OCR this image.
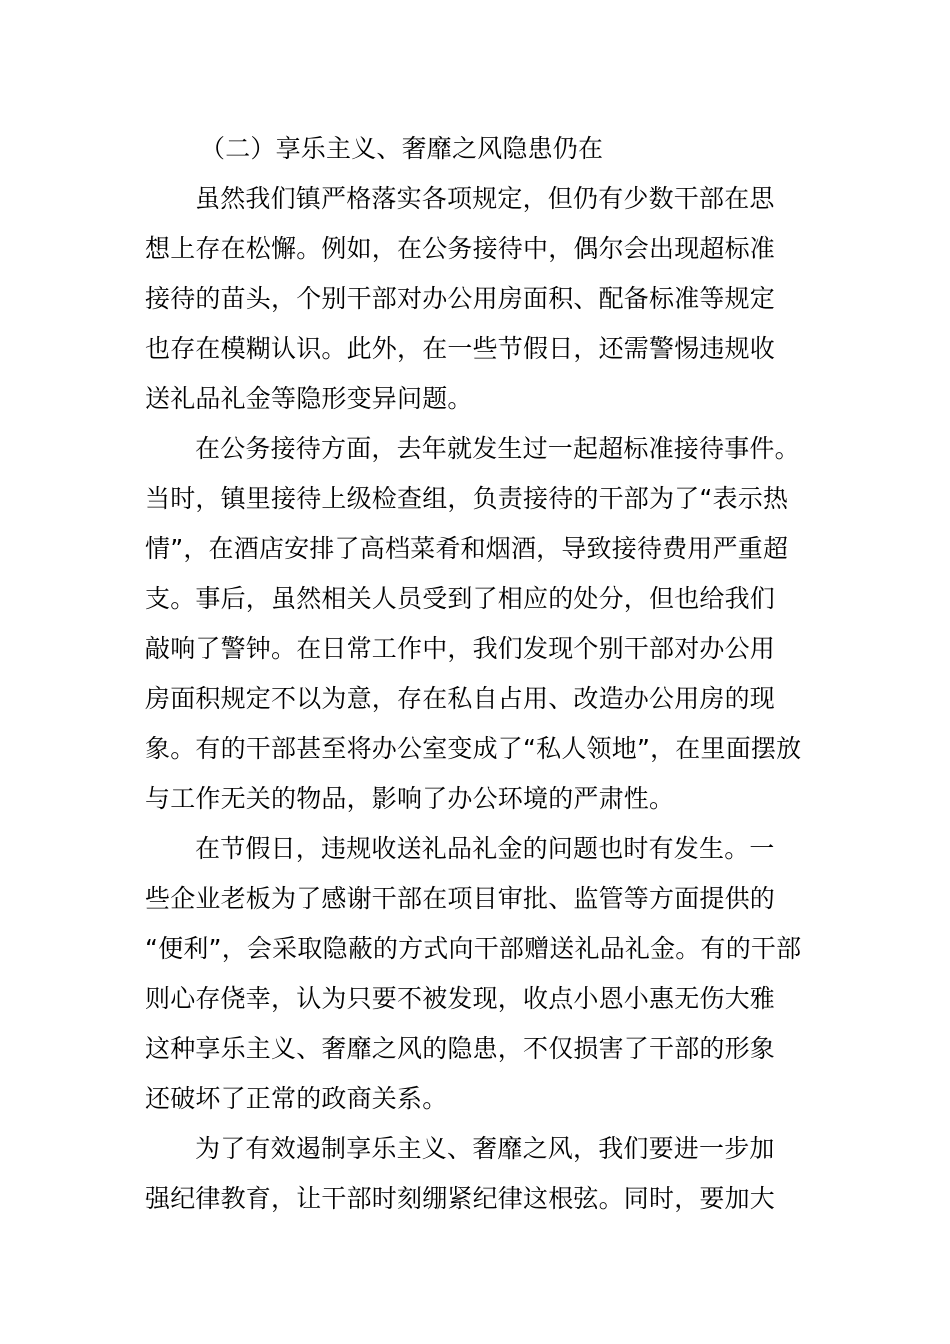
（二）享乐主义、奢靡之风隐患仍在
虽然我们镇严格落实各项规定，但仍有少数干部在思
想上存在松懈。例如，在公务接待中，偶尔会出现超标准
接待的苗头，个别干部对办公用房面积、配备标准等规定
也存在模糊认识。此外，在一些节假日，还需警惕违规收
送礼品礼金等隐形变异问题。
在公务接待方面，去年就发生过一起超标准接待事件。
当时，镇里接待上级检查组，负责接待的干部为了“表示热
情”，在酒店安排了高档菜肴和烟酒，导致接待费用严重超
支。事后，虽然相关人员受到了相应的处分，但也给我们
敲响了警钟。在日常工作中，我们发现个别干部对办公用
房面积规定不以为意，存在私自占用、改造办公用房的现
象。有的干部甚至将办公室变成了“私人领地”，在里面摆放
与工作无关的物品，影响了办公环境的严肃性。
在节假日，违规收送礼品礼金的问题也时有发生。一
些企业老板为了感谢干部在项目审批、监管等方面提供的
“便利”，会采取隐蔽的方式向干部赠送礼品礼金。有的干部
则心存侥幸，认为只要不被发现，收点小恩小惠无伤大雅
这种享乐主义、奢靡之风的隐患，不仅损害了干部的形象
还破坏了正常的政商关系。
为了有效遏制享乐主义、奢靡之风，我们要进一步加
强纪律教育，让干部时刻绷紧纪律这根弦。同时，要加大
